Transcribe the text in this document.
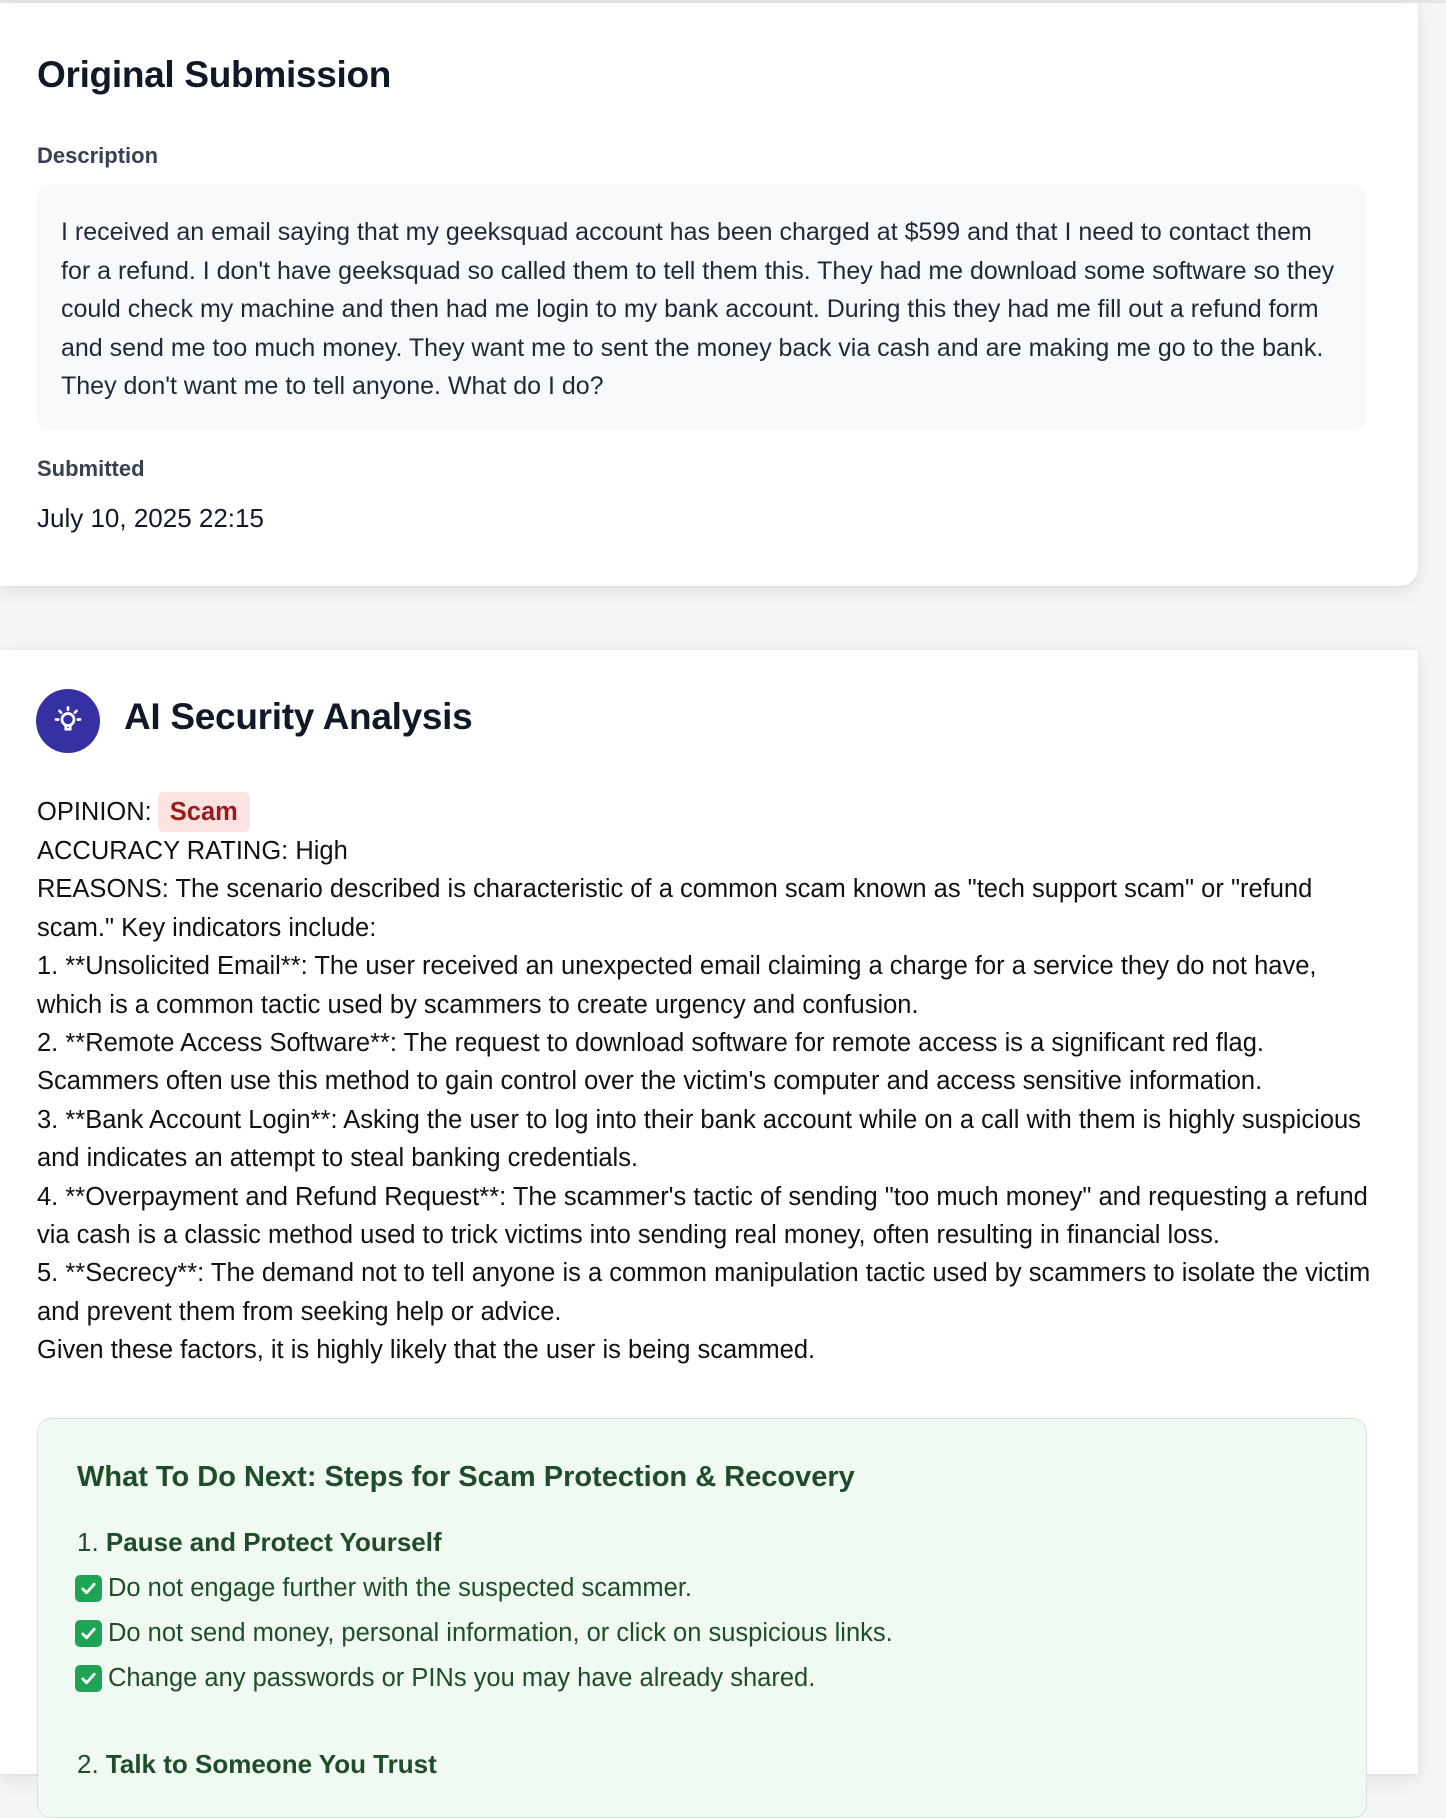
Original Submission
Description
I received an email saying that my geeksquad account has been charged at $599 and that I need to contact them for a refund. I don't have geeksquad so called them to tell them this. They had me download some software so they could check my machine and then had me login to my bank account. During this they had me fill out a refund form and send me too much money. They want me to sent the money back via cash and are making me go to the bank. They don't want me to tell anyone. What do I do?
Submitted
July 10, 2025 22:15
AI Security Analysis
OPINION: Scam
ACCURACY RATING: High
REASONS: The scenario described is characteristic of a common scam known as "tech support scam" or "refund scam." Key indicators include:
1. **Unsolicited Email**: The user received an unexpected email claiming a charge for a service they do not have, which is a common tactic used by scammers to create urgency and confusion.
2. **Remote Access Software**: The request to download software for remote access is a significant red flag. Scammers often use this method to gain control over the victim's computer and access sensitive information.
3. **Bank Account Login**: Asking the user to log into their bank account while on a call with them is highly suspicious and indicates an attempt to steal banking credentials.
4. **Overpayment and Refund Request**: The scammer's tactic of sending "too much money" and requesting a refund via cash is a classic method used to trick victims into sending real money, often resulting in financial loss.
5. **Secrecy**: The demand not to tell anyone is a common manipulation tactic used by scammers to isolate the victim and prevent them from seeking help or advice.
Given these factors, it is highly likely that the user is being scammed.
What To Do Next: Steps for Scam Protection & Recovery
1. Pause and Protect Yourself
Do not engage further with the suspected scammer.
Do not send money, personal information, or click on suspicious links.
Change any passwords or PINs you may have already shared.
2. Talk to Someone You Trust
